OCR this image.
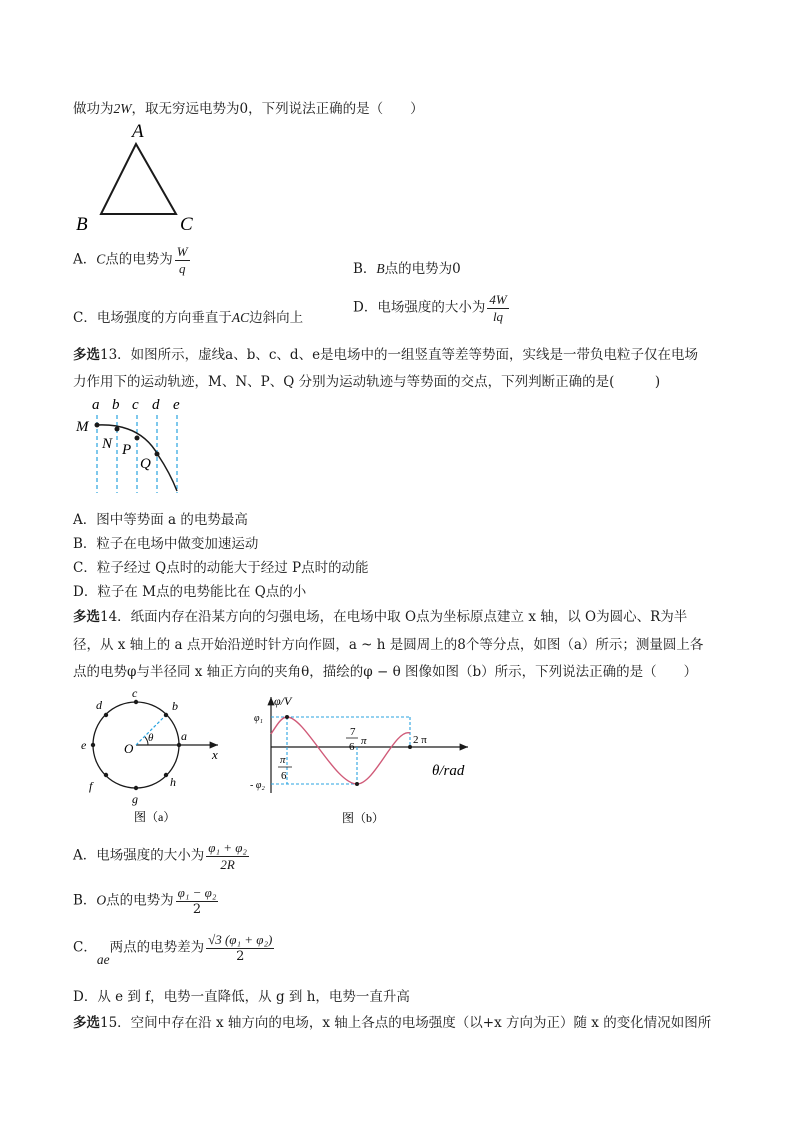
做功为2W，取无穷远电势为0，下列说法正确的是（　　）
A
B	C
A．C点的电势为 $\frac{W}{q}$	B．B点的电势为0
C．电场强度的方向垂直于AC边斜向上
D．电场强度的大小为 $\frac{4W}{lq}$
多选13．如图所示，虚线a、b、c、d、e是电场中的一组竖直等差等势面，实线是一带负电粒子仅在电场
力作用下的运动轨迹，M、N、P、Q 分别为运动轨迹与等势面的交点，下列判断正确的是(　　　)
a b c d e
M
N P
Q
A．图中等势面 a 的电势最高
B．粒子在电场中做变加速运动
C．粒子经过 Q点时的动能大于经过 P点时的动能
D．粒子在 M点的电势能比在 Q点的小
多选14．纸面内存在沿某方向的匀强电场，在电场中取 O点为坐标原点建立 x 轴，以 O为圆心、R为半
径，从 x 轴上的 a 点开始沿逆时针方向作圆，a ~ h 是圆周上的8个等分点，如图（a）所示；测量圆上各
点的电势φ与半径同 x 轴正方向的夹角θ，描绘的φ − θ 图像如图（b）所示，下列说法正确的是（　　）
a
b
c
d
e
f
g
h
O
θ
x
图（a）
φ/V
φ₁
- φ₂
7
6 π
π
6
2 π
θ/rad
图（b）
A．电场强度的大小为 $\frac{\text{φ₁ + φ₂}}{2R}$
B．O点的电势为 $\frac{\text{φ₁ − φ₂}}{2}$
C．ae两点的电势差为 $\frac{\text{√3 (φ₁ + φ₂)}}{2}$
D．从 e 到 f，电势一直降低，从 g 到 h，电势一直升高
多选15．空间中存在沿 x 轴方向的电场，x 轴上各点的电场强度（以+x 方向为正）随 x 的变化情况如图所
